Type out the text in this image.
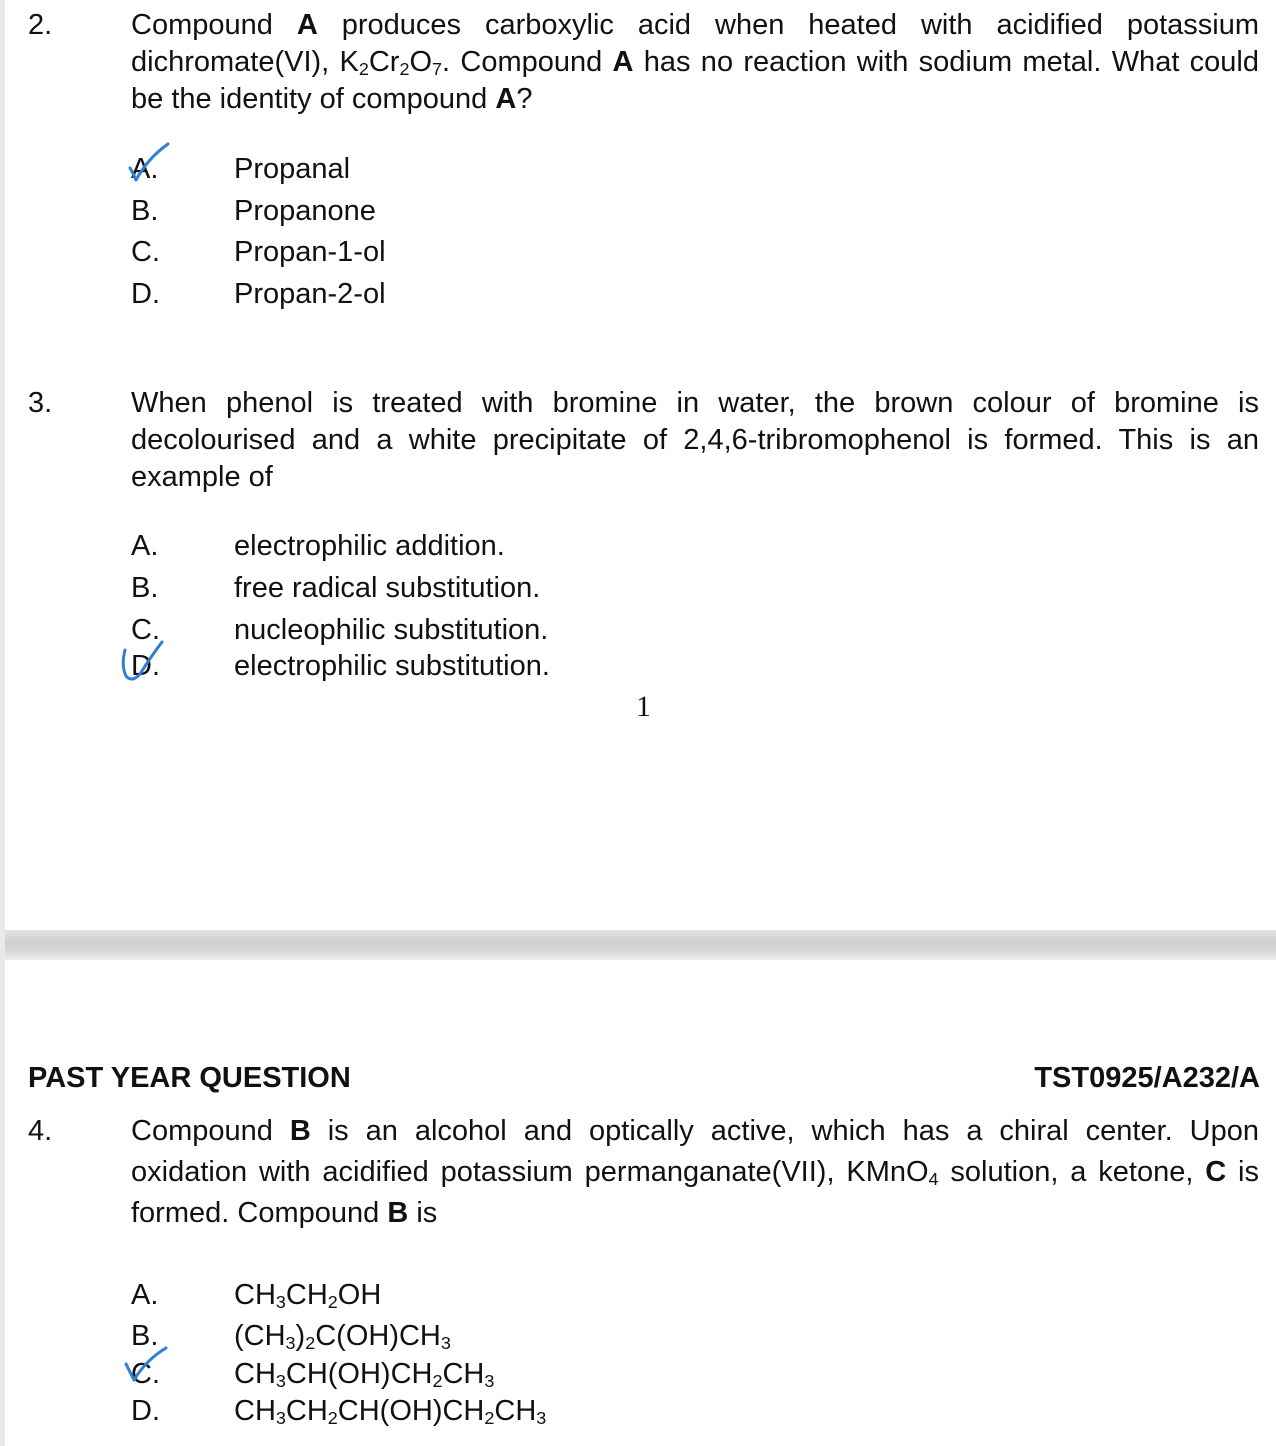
2.	Compound A produces carboxylic acid when heated with acidified potassium dichromate(VI), $K_2Cr_2O_7$. Compound A has no reaction with sodium metal. What could be the identity of compound A?

A.	Propanal
B.	Propanone
C.	Propan-1-ol
D.	Propan-2-ol
3.	When phenol is treated with bromine in water, the brown colour of bromine is decolourised and a white precipitate of 2,4,6-tribromophenol is formed. This is an example of

A.	electrophilic addition.
B.	free radical substitution.
C.	nucleophilic substitution.
D.	electrophilic substitution.
1
PAST YEAR QUESTION	TST0925/A232/A
4.	Compound B is an alcohol and optically active, which has a chiral center. Upon oxidation with acidified potassium permanganate(VII), KMnO$_4$ solution, a ketone, C is formed. Compound B is

A.	$CH_3CH_2OH$
B.	$(CH_3)_2C(OH)CH_3$
C.	$CH_3CH(OH)CH_2CH_3$
D.	$CH_3CH_2CH(OH)CH_2CH_3$
